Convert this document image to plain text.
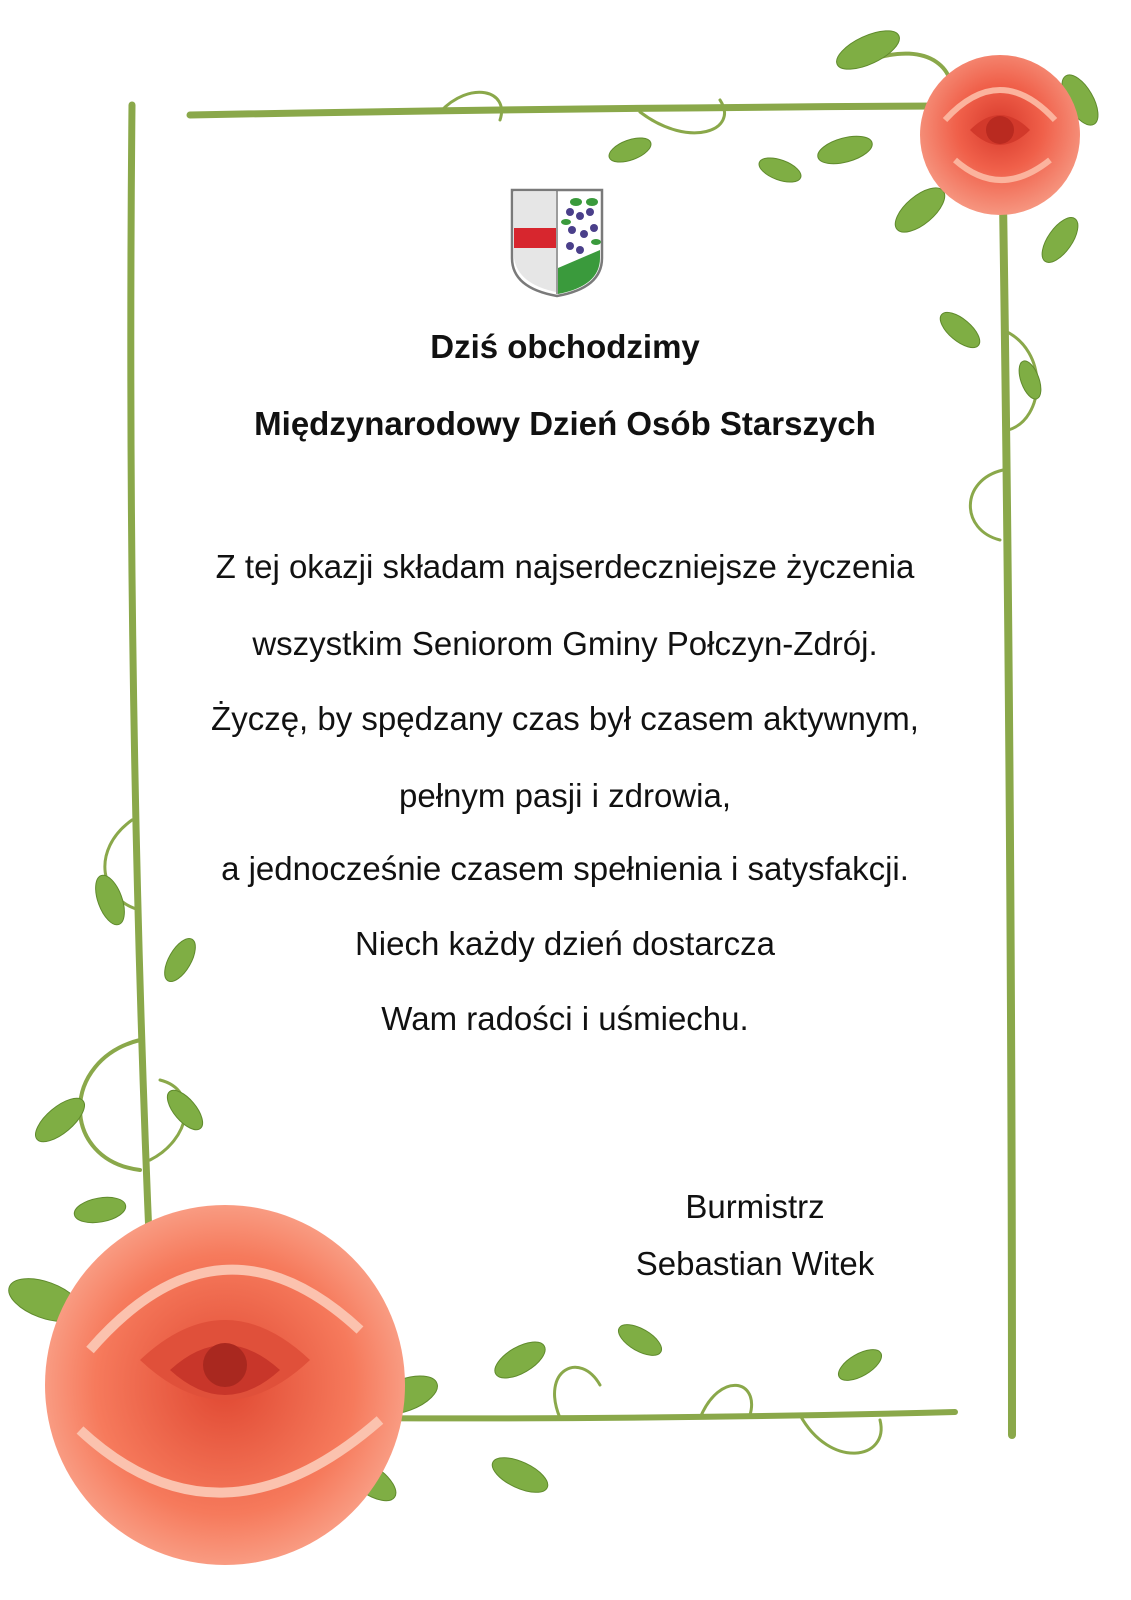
Dziś obchodzimy

Międzynarodowy Dzień Osób Starszych

Z tej okazji składam najserdeczniejsze życzenia

wszystkim Seniorom Gminy Połczyn-Zdrój.

Życzę, by spędzany czas był czasem aktywnym,

pełnym pasji i zdrowia,

a jednocześnie czasem spełnienia i satysfakcji.

Niech każdy dzień dostarcza

Wam radości i uśmiechu.

Burmistrz

Sebastian Witek
